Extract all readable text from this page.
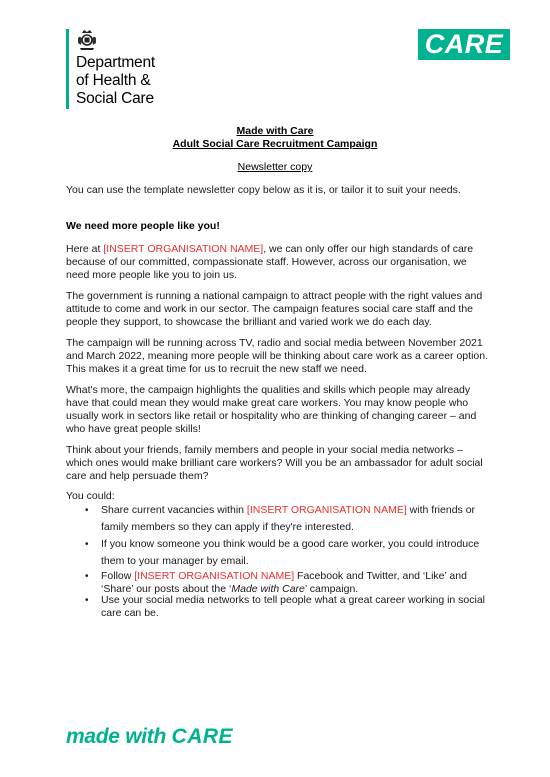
Department
of Health &
Social Care
CARE
Made with Care
Adult Social Care Recruitment Campaign
Newsletter copy

You can use the template newsletter copy below as it is, or tailor it to suit your needs.

We need more people like you!

Here at [INSERT ORGANISATION NAME], we can only offer our high standards of care because of our committed, compassionate staff. However, across our organisation, we need more people like you to join us.

The government is running a national campaign to attract people with the right values and attitude to come and work in our sector. The campaign features social care staff and the people they support, to showcase the brilliant and varied work we do each day.

The campaign will be running across TV, radio and social media between November 2021 and March 2022, meaning more people will be thinking about care work as a career option. This makes it a great time for us to recruit the new staff we need.

What's more, the campaign highlights the qualities and skills which people may already have that could mean they would make great care workers. You may know people who usually work in sectors like retail or hospitality who are thinking of changing career – and who have great people skills!

Think about your friends, family members and people in your social media networks – which ones would make brilliant care workers? Will you be an ambassador for adult social care and help persuade them?

You could:

• Share current vacancies within [INSERT ORGANISATION NAME] with friends or family members so they can apply if they're interested.
• If you know someone you think would be a good care worker, you could introduce them to your manager by email.
• Follow [INSERT ORGANISATION NAME] Facebook and Twitter, and ‘Like’ and ‘Share’ our posts about the ‘Made with Care’ campaign.
• Use your social media networks to tell people what a great career working in social care can be.
made with CARE
